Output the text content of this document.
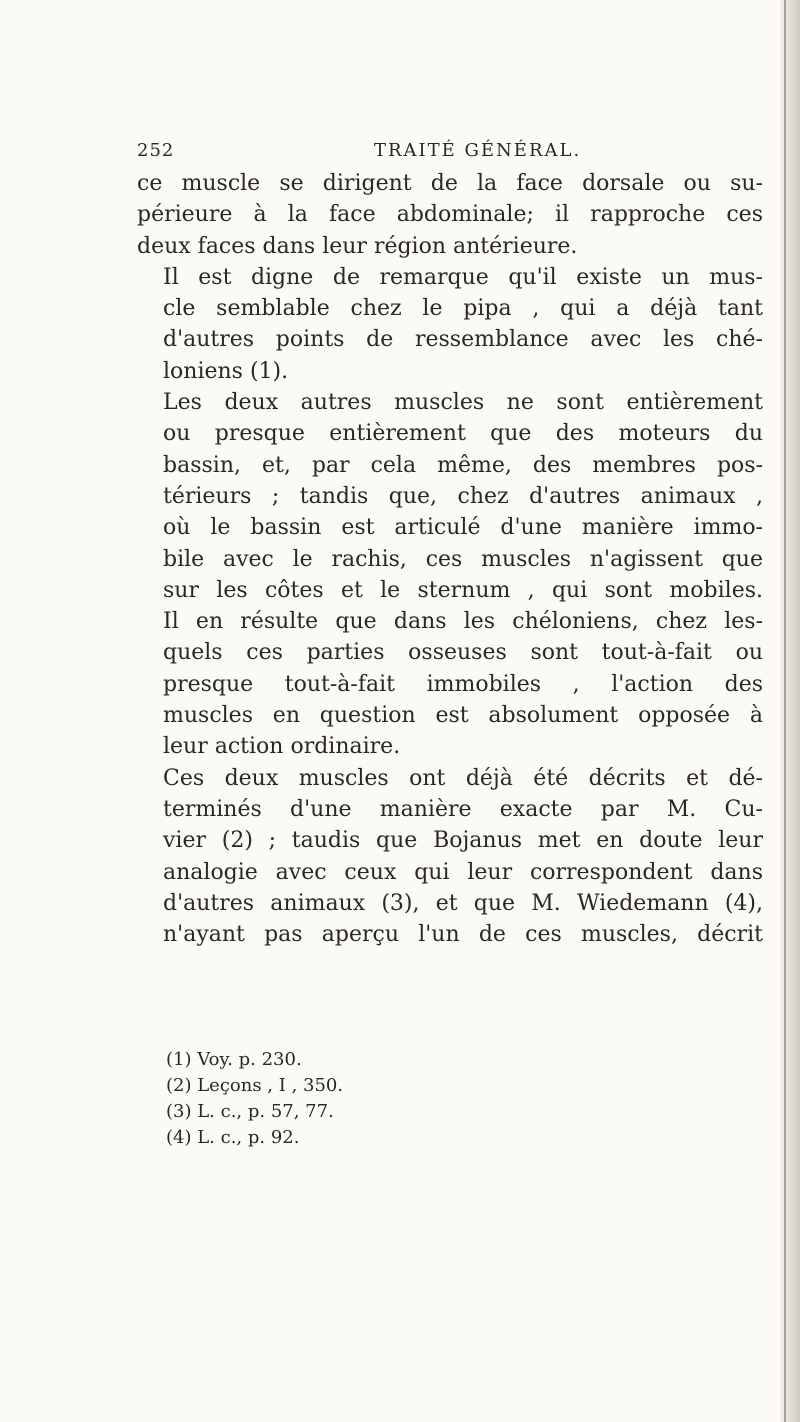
252	TRAITÉ GÉNÉRAL.

ce muscle se dirigent de la face dorsale ou su-
périeure à la face abdominale; il rapproche ces
deux faces dans leur région antérieure.

Il est digne de remarque qu'il existe un mus-
cle semblable chez le pipa , qui a déjà tant
d'autres points de ressemblance avec les ché-
loniens (1).

Les deux autres muscles ne sont entièrement
ou presque entièrement que des moteurs du
bassin, et, par cela même, des membres pos-
térieurs ; tandis que, chez d'autres animaux ,
où le bassin est articulé d'une manière immo-
bile avec le rachis, ces muscles n'agissent que
sur les côtes et le sternum , qui sont mobiles.
Il en résulte que dans les chéloniens, chez les-
quels ces parties osseuses sont tout-à-fait ou
presque tout-à-fait immobiles , l'action des
muscles en question est absolument opposée à
leur action ordinaire.

Ces deux muscles ont déjà été décrits et dé-
terminés d'une manière exacte par M. Cu-
vier (2) ; taudis que Bojanus met en doute leur
analogie avec ceux qui leur correspondent dans
d'autres animaux (3), et que M. Wiedemann (4),
n'ayant pas aperçu l'un de ces muscles, décrit

(1) Voy. p. 230.
(2) Leçons , I , 350.
(3) L. c., p. 57, 77.
(4) L. c., p. 92.
